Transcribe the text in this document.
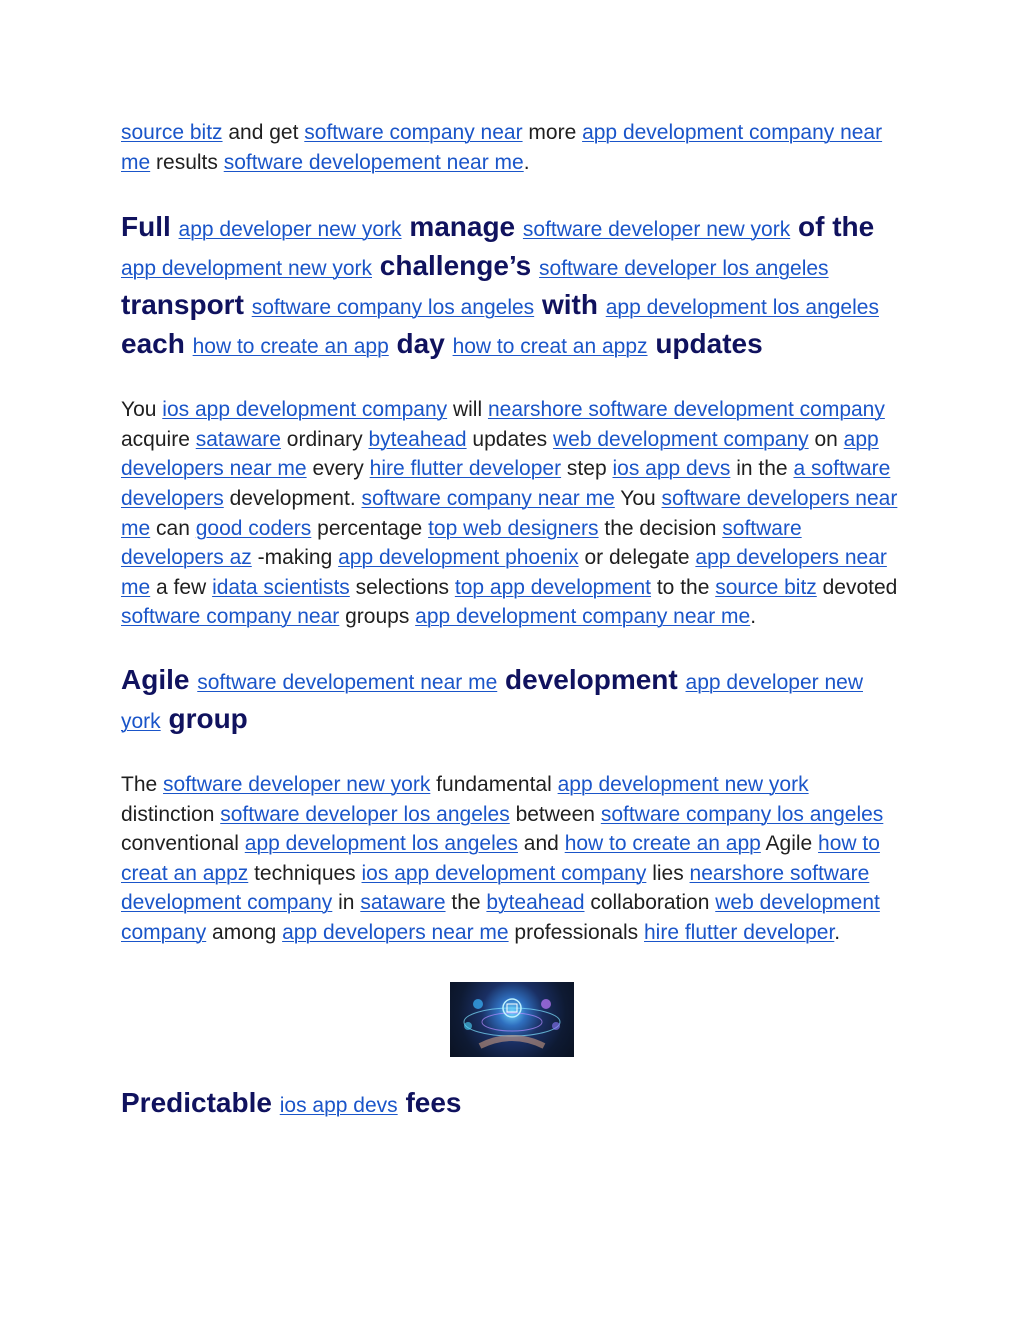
source bitz and get software company near more app development company near me results software developement near me.

Full app developer new york manage software developer new york of the app development new york challenge’s software developer los angeles transport software company los angeles with app development los angeles each how to create an app day how to creat an appz updates

You ios app development company will nearshore software development company acquire sataware ordinary byteahead updates web development company on app developers near me every hire flutter developer step ios app devs in the a software developers development. software company near me You software developers near me can good coders percentage top web designers the decision software developers az -making app development phoenix or delegate app developers near me a few idata scientists selections top app development to the source bitz devoted software company near groups app development company near me.

Agile software developement near me development app developer new york group

The software developer new york fundamental app development new york distinction software developer los angeles between software company los angeles conventional app development los angeles and how to create an app Agile how to creat an appz techniques ios app development company lies nearshore software development company in sataware the byteahead collaboration web development company among app developers near me professionals hire flutter developer.

Predictable ios app devs fees
